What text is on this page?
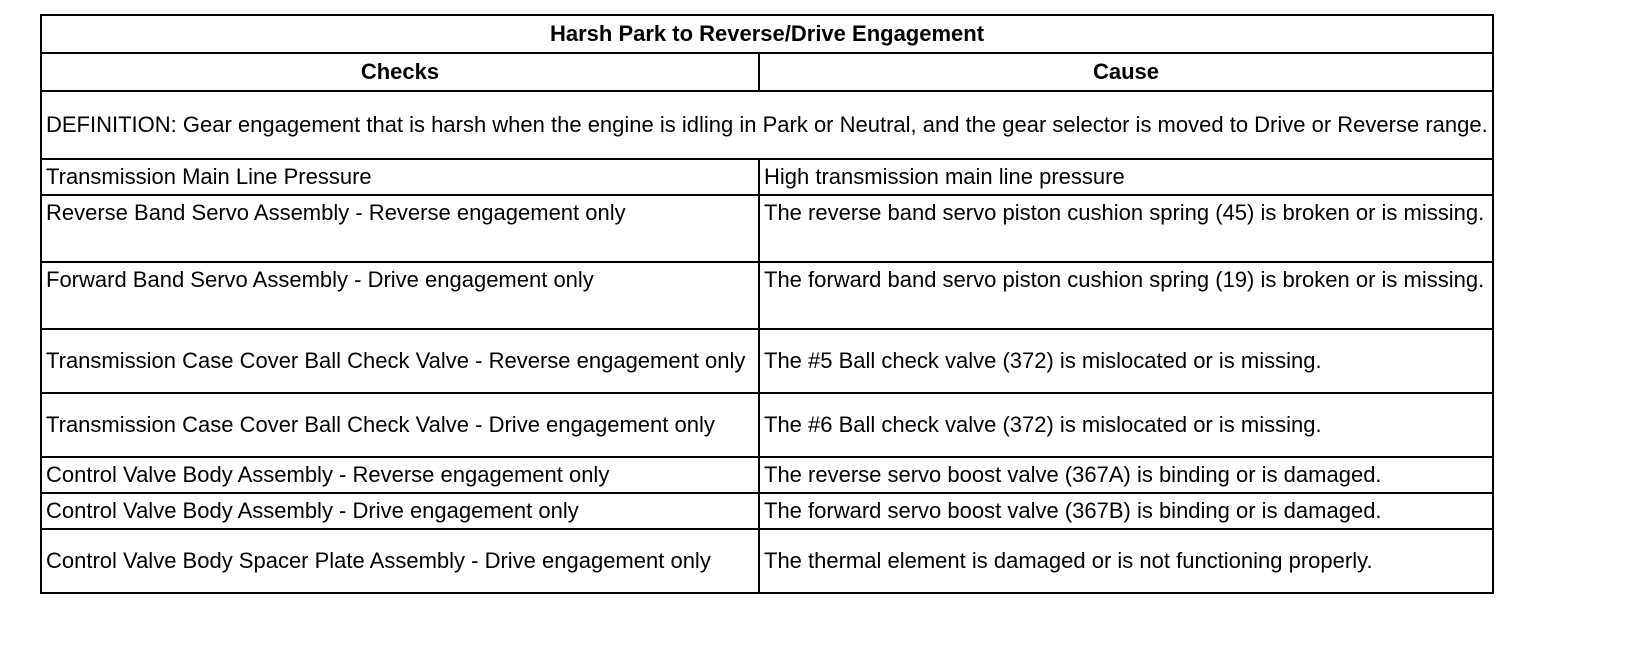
Harsh Park to Reverse/Drive Engagement	
Checks	Cause
DEFINITION: Gear engagement that is harsh when the engine is idling in Park or Neutral, and the gear selector is moved to Drive or Reverse range.	
Transmission Main Line Pressure	High transmission main line pressure
Reverse Band Servo Assembly - Reverse engagement only	The reverse band servo piston cushion spring (45) is broken or is missing.
Forward Band Servo Assembly - Drive engagement only	The forward band servo piston cushion spring (19) is broken or is missing.
Transmission Case Cover Ball Check Valve - Reverse engagement only	The #5 Ball check valve (372) is mislocated or is missing.
Transmission Case Cover Ball Check Valve - Drive engagement only	The #6 Ball check valve (372) is mislocated or is missing.
Control Valve Body Assembly - Reverse engagement only	The reverse servo boost valve (367A) is binding or is damaged.
Control Valve Body Assembly - Drive engagement only	The forward servo boost valve (367B) is binding or is damaged.
Control Valve Body Spacer Plate Assembly - Drive engagement only	The thermal element is damaged or is not functioning properly.
